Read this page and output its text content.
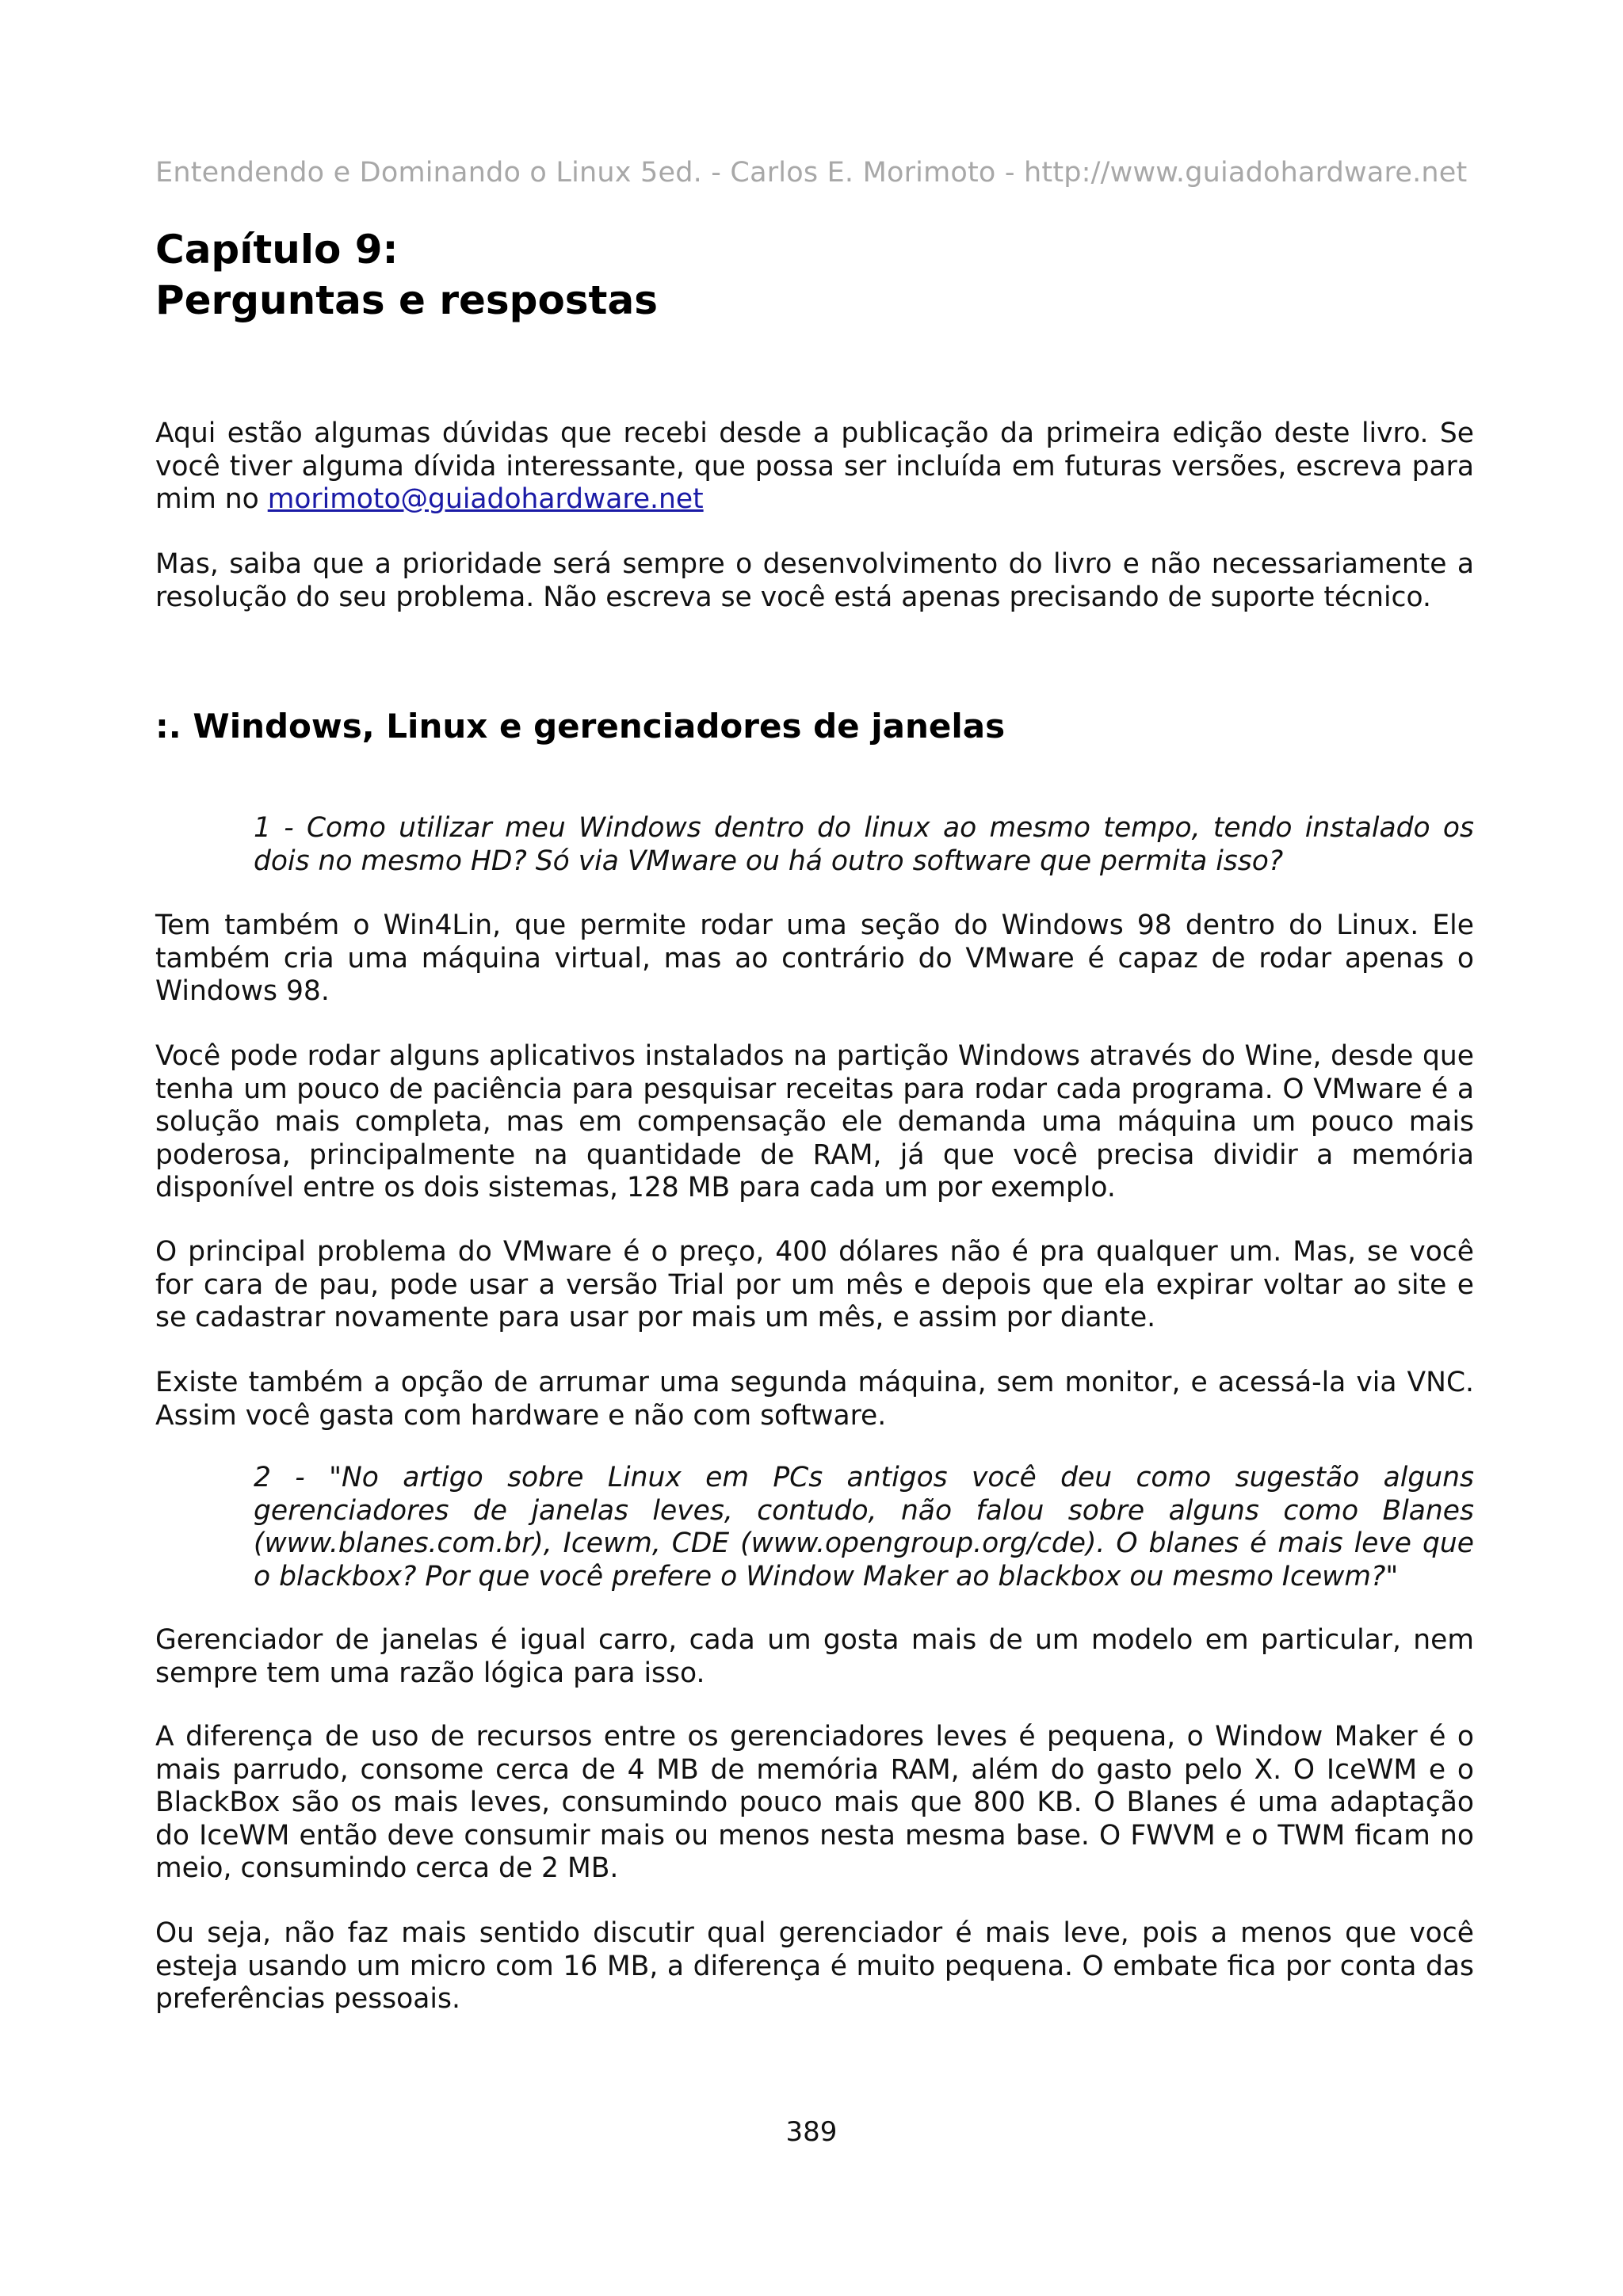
Entendendo e Dominando o Linux 5ed. - Carlos E. Morimoto - http://www.guiadohardware.net
Capítulo 9:
Perguntas e respostas

Aqui estão algumas dúvidas que recebi desde a publicação da primeira edição deste livro. Se você tiver alguma dívida interessante, que possa ser incluída em futuras versões, escreva para mim no morimoto@guiadohardware.net

Mas, saiba que a prioridade será sempre o desenvolvimento do livro e não necessariamente a resolução do seu problema. Não escreva se você está apenas precisando de suporte técnico.

:. Windows, Linux e gerenciadores de janelas

1 - Como utilizar meu Windows dentro do linux ao mesmo tempo, tendo instalado os dois no mesmo HD? Só via VMware ou há outro software que permita isso?

Tem também o Win4Lin, que permite rodar uma seção do Windows 98 dentro do Linux. Ele também cria uma máquina virtual, mas ao contrário do VMware é capaz de rodar apenas o Windows 98.

Você pode rodar alguns aplicativos instalados na partição Windows através do Wine, desde que tenha um pouco de paciência para pesquisar receitas para rodar cada programa. O VMware é a solução mais completa, mas em compensação ele demanda uma máquina um pouco mais poderosa, principalmente na quantidade de RAM, já que você precisa dividir a memória disponível entre os dois sistemas, 128 MB para cada um por exemplo.

O principal problema do VMware é o preço, 400 dólares não é pra qualquer um. Mas, se você for cara de pau, pode usar a versão Trial por um mês e depois que ela expirar voltar ao site e se cadastrar novamente para usar por mais um mês, e assim por diante.

Existe também a opção de arrumar uma segunda máquina, sem monitor, e acessá-la via VNC. Assim você gasta com hardware e não com software.

2 - "No artigo sobre Linux em PCs antigos você deu como sugestão alguns gerenciadores de janelas leves, contudo, não falou sobre alguns como Blanes (www.blanes.com.br), Icewm, CDE (www.opengroup.org/cde). O blanes é mais leve que o blackbox? Por que você prefere o Window Maker ao blackbox ou mesmo Icewm?"

Gerenciador de janelas é igual carro, cada um gosta mais de um modelo em particular, nem sempre tem uma razão lógica para isso.

A diferença de uso de recursos entre os gerenciadores leves é pequena, o Window Maker é o mais parrudo, consome cerca de 4 MB de memória RAM, além do gasto pelo X. O IceWM e o BlackBox são os mais leves, consumindo pouco mais que 800 KB. O Blanes é uma adaptação do IceWM então deve consumir mais ou menos nesta mesma base. O FWVM e o TWM ficam no meio, consumindo cerca de 2 MB.

Ou seja, não faz mais sentido discutir qual gerenciador é mais leve, pois a menos que você esteja usando um micro com 16 MB, a diferença é muito pequena. O embate fica por conta das preferências pessoais.

389
